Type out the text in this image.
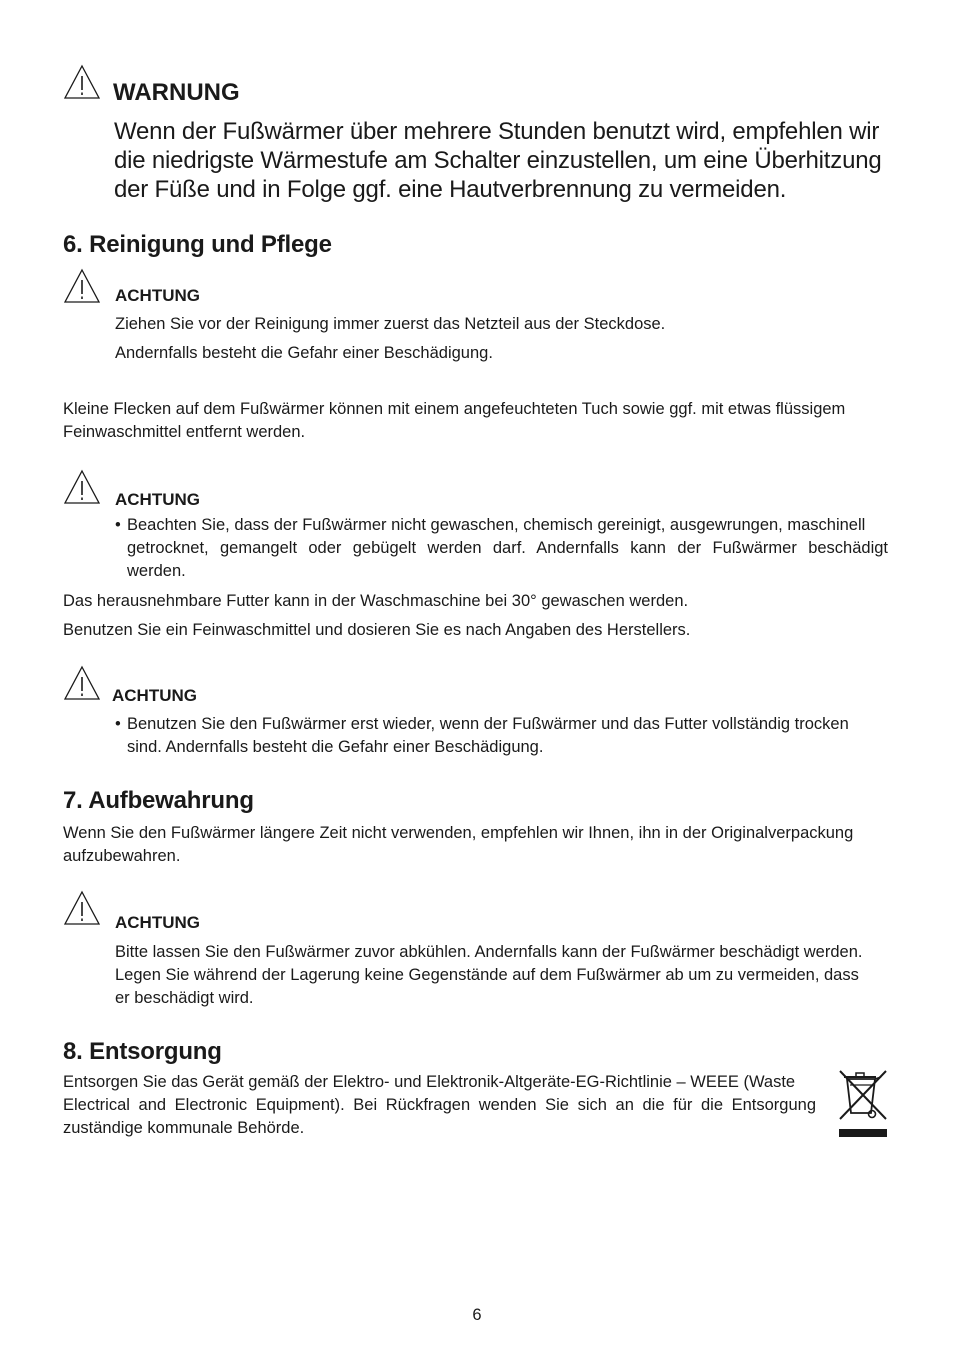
WARNUNG
Wenn der Fußwärmer über mehrere Stunden benutzt wird, empfehlen wir
die niedrigste Wärmestufe am Schalter einzustellen, um eine Überhitzung
der Füße und in Folge ggf. eine Hautverbrennung zu vermeiden.
6. Reinigung und Pflege
ACHTUNG
Ziehen Sie vor der Reinigung immer zuerst das Netzteil aus der Steckdose.
Andernfalls besteht die Gefahr einer Beschädigung.
Kleine Flecken auf dem Fußwärmer können mit einem angefeuchteten Tuch sowie ggf. mit etwas flüssigem
Feinwaschmittel entfernt werden.
ACHTUNG
• Beachten Sie, dass der Fußwärmer nicht gewaschen, chemisch gereinigt, ausgewrungen, maschinell
getrocknet, gemangelt oder gebügelt werden darf. Andernfalls kann der Fußwärmer beschädigt
werden.
Das herausnehmbare Futter kann in der Waschmaschine bei 30° gewaschen werden.
Benutzen Sie ein Feinwaschmittel und dosieren Sie es nach Angaben des Herstellers.
ACHTUNG
• Benutzen Sie den Fußwärmer erst wieder, wenn der Fußwärmer und das Futter vollständig trocken
sind. Andernfalls besteht die Gefahr einer Beschädigung.
7. Aufbewahrung
Wenn Sie den Fußwärmer längere Zeit nicht verwenden, empfehlen wir Ihnen, ihn in der Originalverpackung
aufzubewahren.
ACHTUNG
Bitte lassen Sie den Fußwärmer zuvor abkühlen. Andernfalls kann der Fußwärmer beschädigt werden.
Legen Sie während der Lagerung keine Gegenstände auf dem Fußwärmer ab um zu vermeiden, dass
er beschädigt wird.
8. Entsorgung
Entsorgen Sie das Gerät gemäß der Elektro- und Elektronik-Altgeräte-EG-Richtlinie – WEEE (Waste
Electrical and Electronic Equipment). Bei Rückfragen wenden Sie sich an die für die Entsorgung
zuständige kommunale Behörde.
6
